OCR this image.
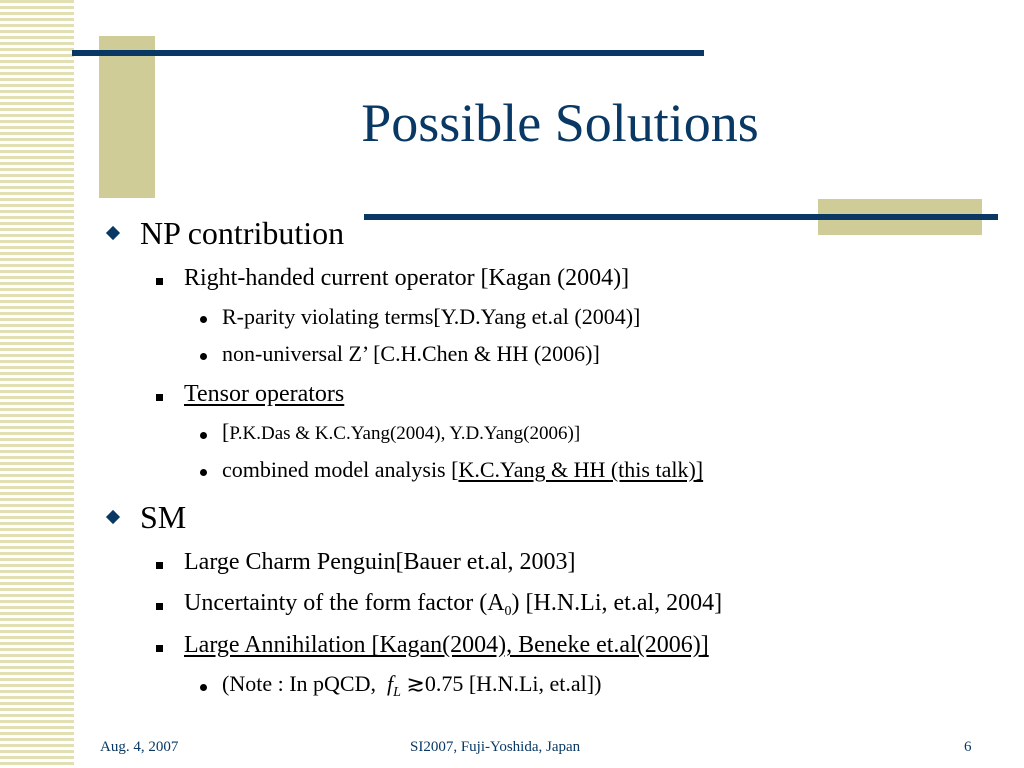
Possible Solutions
NP contribution
Right-handed current operator [Kagan (2004)]
R-parity violating terms[Y.D.Yang et.al (2004)]
non-universal Z’ [C.H.Chen & HH (2006)]
Tensor operators
[P.K.Das & K.C.Yang(2004), Y.D.Yang(2006)]
combined model analysis [K.C.Yang & HH (this talk)]
SM
Large Charm Penguin[Bauer et.al, 2003]
Uncertainty of the form factor $(A_0)$ [H.N.Li, et.al, 2004]
Large Annihilation [Kagan(2004), Beneke et.al(2006)]
(Note : In pQCD, $f_L$ ≳0.75 [H.N.Li, et.al])
Aug. 4, 2007	SI2007, Fuji-Yoshida, Japan	6
